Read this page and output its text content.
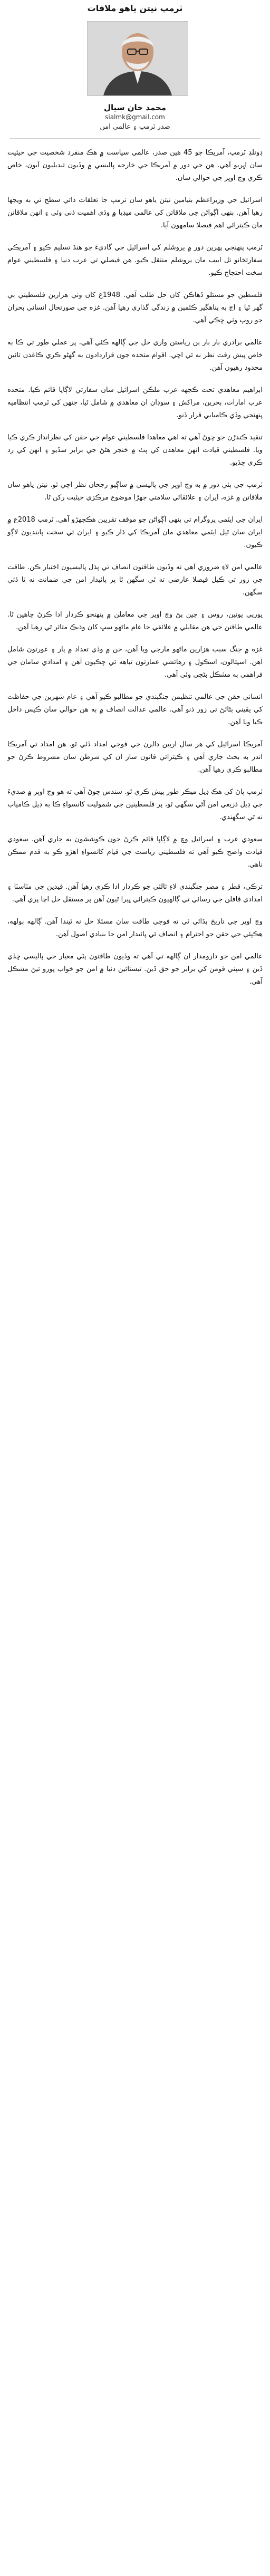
ٽرمپ نيتن ياهو ملاقات
محمد خان سيال
sialmk@gmail.com
صدر ٽرمپ ۽ عالمي امن

ڊونلڊ ٽرمپ، آمريڪا جو 45 هين صدر، عالمي سياست ۾ هڪ منفرد شخصيت جي حيثيت سان اڀريو آهي. هن جي دور ۾ آمريڪا جي خارجه پاليسي ۾ وڏيون تبديليون آيون، خاص ڪري وچ اوڀر جي حوالي سان.

اسرائيل جي وزيراعظم بنيامين نيتن ياهو سان ٽرمپ جا تعلقات ذاتي سطح تي به ويجها رهيا آهن. ٻنهي اڳواڻن جي ملاقاتن کي عالمي ميڊيا ۾ وڏي اهميت ڏني وئي ۽ انهن ملاقاتن مان ڪيترائي اهم فيصلا سامهون آيا.

ٽرمپ پنهنجي پهرين دور ۾ يروشلم کي اسرائيل جي گاديءَ جو هنڌ تسليم ڪيو ۽ آمريڪي سفارتخانو تل ابيب مان يروشلم منتقل ڪيو. هن فيصلي تي عرب دنيا ۽ فلسطيني عوام سخت احتجاج ڪيو.

فلسطين جو مسئلو ڏهاڪن کان حل طلب آهي. 1948ع کان وٺي هزارين فلسطيني بي گهر ٿيا ۽ اڄ به پناهگير ڪئمپن ۾ زندگي گذاري رهيا آهن. غزه جي صورتحال انساني بحران جو روپ وٺي چڪي آهي.

عالمي برادري بار بار ٻن رياستن واري حل جي ڳالهه ڪئي آهي، پر عملي طور تي ڪا به خاص پيش رفت نظر نه ٿي اچي. اقوام متحده جون قراردادون به گهڻو ڪري ڪاغذن تائين محدود رهيون آهن.

ابراهيم معاهدي تحت ڪجهه عرب ملڪن اسرائيل سان سفارتي لاڳاپا قائم ڪيا. متحده عرب امارات، بحرين، مراکش ۽ سوڊان ان معاهدي ۾ شامل ٿيا، جنهن کي ٽرمپ انتظاميه پنهنجي وڏي ڪاميابي قرار ڏنو.

تنقيد ڪندڙن جو چوڻ آهي ته اهي معاهدا فلسطيني عوام جي حقن کي نظرانداز ڪري ڪيا ويا. فلسطيني قيادت انهن معاهدن کي پٺ ۾ خنجر هڻڻ جي برابر سڏيو ۽ انهن کي رد ڪري ڇڏيو.

ٽرمپ جي ٻئي دور ۾ به وچ اوڀر جي پاليسي ۾ ساڳيو رجحان نظر اچي ٿو. نيتن ياهو سان ملاقاتن ۾ غزه، ايران ۽ علائقائي سلامتي جهڙا موضوع مرڪزي حيثيت رکن ٿا.

ايران جي ايٽمي پروگرام تي ٻنهي اڳواڻن جو موقف تقريبن هڪجهڙو آهي. ٽرمپ 2018ع ۾ ايران سان ٿيل ايٽمي معاهدي مان آمريڪا کي ڌار ڪيو ۽ ايران تي سخت پابنديون لاڳو ڪيون.

عالمي امن لاءِ ضروري آهي ته وڏيون طاقتون انصاف تي ٻڌل پاليسيون اختيار ڪن. طاقت جي زور تي ڪيل فيصلا عارضي ته ٿي سگهن ٿا پر پائيدار امن جي ضمانت نه ٿا ڏئي سگهن.

يورپي يونين، روس ۽ چين پڻ وچ اوڀر جي معاملن ۾ پنهنجو ڪردار ادا ڪرڻ چاهين ٿا. عالمي طاقتن جي هن مقابلي ۾ علائقي جا عام ماڻهو سڀ کان وڌيڪ متاثر ٿي رهيا آهن.

غزه ۾ جنگ سبب هزارين ماڻهو مارجي ويا آهن، جن ۾ وڏي تعداد ۾ ٻار ۽ عورتون شامل آهن. اسپتالون، اسڪول ۽ رهائشي عمارتون تباهه ٿي چڪيون آهن ۽ امدادي سامان جي فراهمي به مشڪل بڻجي وئي آهي.

انساني حقن جي عالمي تنظيمن جنگبندي جو مطالبو ڪيو آهي ۽ عام شهرين جي حفاظت کي يقيني بڻائڻ تي زور ڏنو آهي. عالمي عدالت انصاف ۾ به هن حوالي سان ڪيس داخل ڪيا ويا آهن.

آمريڪا اسرائيل کي هر سال اربين ڊالرن جي فوجي امداد ڏئي ٿو. هن امداد تي آمريڪا اندر به بحث جاري آهي ۽ ڪيترائي قانون ساز ان کي شرطن سان مشروط ڪرڻ جو مطالبو ڪري رهيا آهن.

ٽرمپ پاڻ کي هڪ ڊيل ميڪر طور پيش ڪري ٿو. سندس چوڻ آهي ته هو وچ اوڀر ۾ صديءَ جي ڊيل ذريعي امن آڻي سگهي ٿو، پر فلسطينين جي شموليت کانسواءِ ڪا به ڊيل ڪامياب نه ٿي سگهندي.

سعودي عرب ۽ اسرائيل وچ ۾ لاڳاپا قائم ڪرڻ جون ڪوششون به جاري آهن. سعودي قيادت واضح ڪيو آهي ته فلسطيني رياست جي قيام کانسواءِ اهڙو ڪو به قدم ممڪن ناهي.

ترڪي، قطر ۽ مصر جنگبندي لاءِ ثالثي جو ڪردار ادا ڪري رهيا آهن. قيدين جي مٽاسٽا ۽ امدادي قافلن جي رسائي تي ڳالهيون ڪيترائي ڀيرا ٿيون آهن پر مستقل حل اڃا پري آهي.

وچ اوڀر جي تاريخ ٻڌائي ٿي ته فوجي طاقت سان مسئلا حل نه ٿيندا آهن. ڳالهه ٻولهه، هڪٻئي جي حقن جو احترام ۽ انصاف ئي پائيدار امن جا بنيادي اصول آهن.

عالمي امن جو دارومدار ان ڳالهه تي آهي ته وڏيون طاقتون ٻٽي معيار جي پاليسي ڇڏي ڏين ۽ سڀني قومن کي برابر جو حق ڏين. تيستائين دنيا ۾ امن جو خواب پورو ٿيڻ مشڪل آهي.
